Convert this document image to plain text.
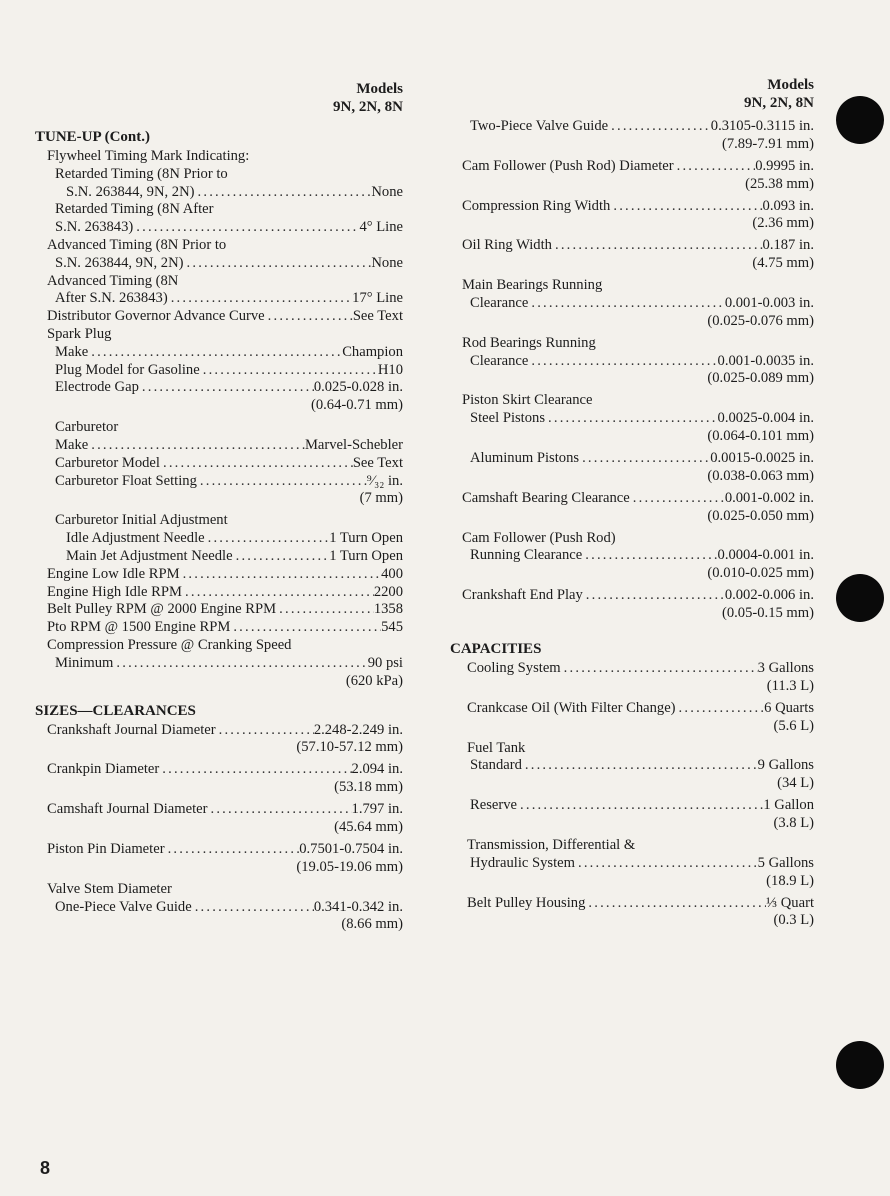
Models
9N, 2N, 8N
TUNE-UP (Cont.)
Flywheel Timing Mark Indicating:
Retarded Timing (8N Prior to
S.N. 263844, 9N, 2N) .....	None
Retarded Timing (8N After
S.N. 263843) .....	4° Line
Advanced Timing (8N Prior to
S.N. 263844, 9N, 2N) .....	None
Advanced Timing (8N
After S.N. 263843) .....	17° Line
Distributor Governor Advance Curve .....	See Text
Spark Plug
Make .....	Champion
Plug Model for Gasoline .....	H10
Electrode Gap .....	0.025-0.028 in.
(0.64-0.71 mm)
Carburetor
Make .....	Marvel-Schebler
Carburetor Model .....	See Text
Carburetor Float Setting .....	⁹⁄₃₂ in.
(7 mm)
Carburetor Initial Adjustment
Idle Adjustment Needle .....	1 Turn Open
Main Jet Adjustment Needle .....	1 Turn Open
Engine Low Idle RPM .....	400
Engine High Idle RPM .....	2200
Belt Pulley RPM @ 2000 Engine RPM .....	1358
Pto RPM @ 1500 Engine RPM .....	545
Compression Pressure @ Cranking Speed
Minimum .....	90 psi
(620 kPa)
SIZES—CLEARANCES
Crankshaft Journal Diameter .....	2.248-2.249 in.
(57.10-57.12 mm)
Crankpin Diameter .....	2.094 in.
(53.18 mm)
Camshaft Journal Diameter .....	1.797 in.
(45.64 mm)
Piston Pin Diameter .....	0.7501-0.7504 in.
(19.05-19.06 mm)
Valve Stem Diameter
One-Piece Valve Guide .....	0.341-0.342 in.
(8.66 mm)
Models
9N, 2N, 8N
Two-Piece Valve Guide .....	0.3105-0.3115 in.
(7.89-7.91 mm)
Cam Follower (Push Rod) Diameter .....	0.9995 in.
(25.38 mm)
Compression Ring Width .....	0.093 in.
(2.36 mm)
Oil Ring Width .....	0.187 in.
(4.75 mm)
Main Bearings Running
Clearance .....	0.001-0.003 in.
(0.025-0.076 mm)
Rod Bearings Running
Clearance .....	0.001-0.0035 in.
(0.025-0.089 mm)
Piston Skirt Clearance
Steel Pistons .....	0.0025-0.004 in.
(0.064-0.101 mm)
Aluminum Pistons .....	0.0015-0.0025 in.
(0.038-0.063 mm)
Camshaft Bearing Clearance .....	0.001-0.002 in.
(0.025-0.050 mm)
Cam Follower (Push Rod)
Running Clearance .....	0.0004-0.001 in.
(0.010-0.025 mm)
Crankshaft End Play .....	0.002-0.006 in.
(0.05-0.15 mm)
CAPACITIES
Cooling System .....	3 Gallons
(11.3 L)
Crankcase Oil (With Filter Change) .....	6 Quarts
(5.6 L)
Fuel Tank
Standard .....	9 Gallons
(34 L)
Reserve .....	1 Gallon
(3.8 L)
Transmission, Differential &
Hydraulic System .....	5 Gallons
(18.9 L)
Belt Pulley Housing .....	⅓ Quart
(0.3 L)
8
